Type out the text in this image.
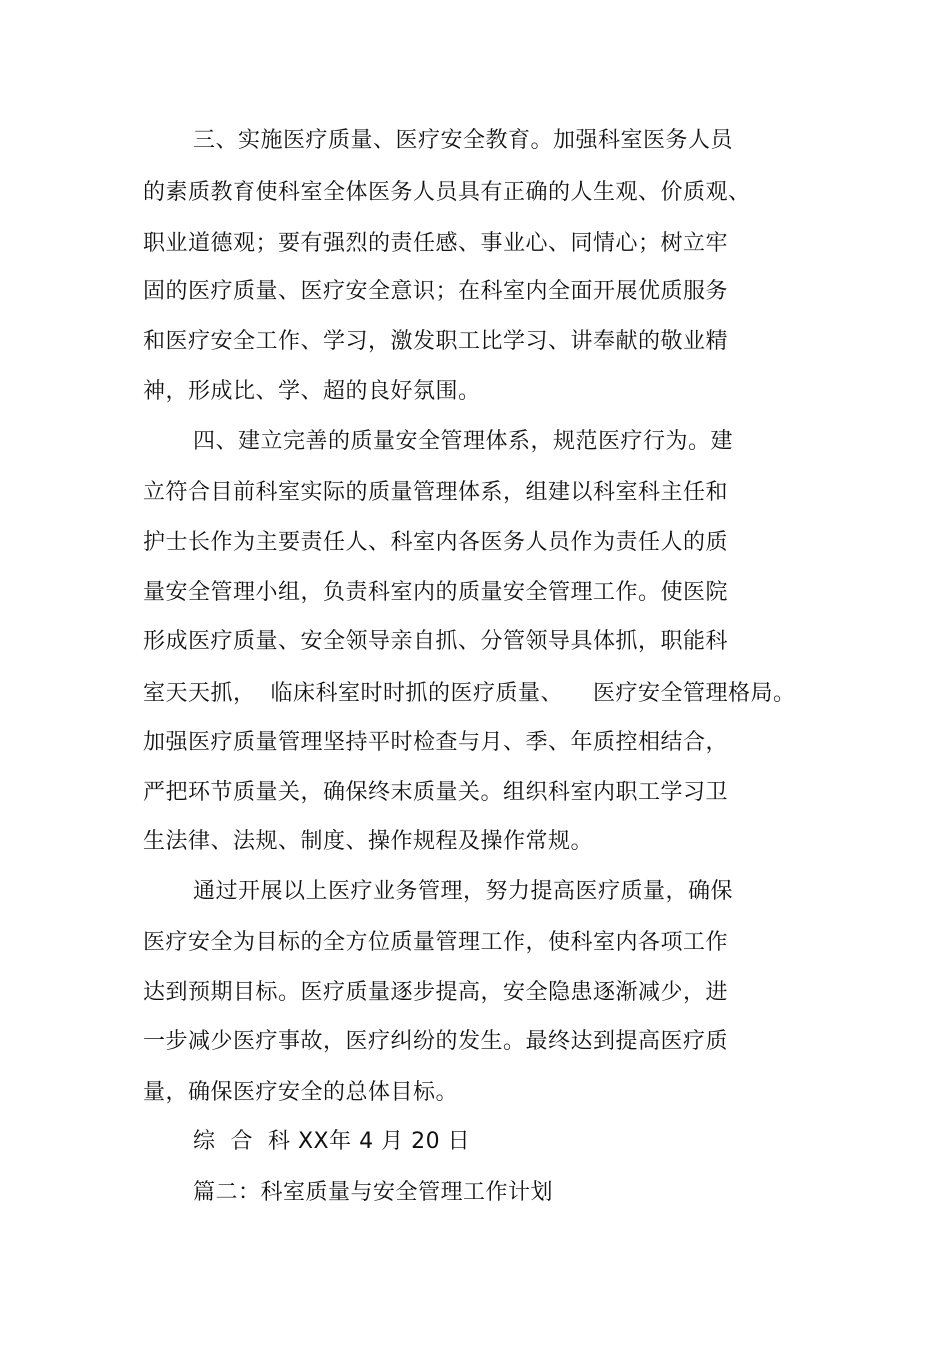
三、实施医疗质量、医疗安全教育。加强科室医务人员
的素质教育使科室全体医务人员具有正确的人生观、价质观、
职业道德观；要有强烈的责任感、事业心、同情心；树立牢
固的医疗质量、医疗安全意识；在科室内全面开展优质服务
和医疗安全工作、学习，激发职工比学习、讲奉献的敬业精
神，形成比、学、超的良好氛围。
四、建立完善的质量安全管理体系，规范医疗行为。建
立符合目前科室实际的质量管理体系，组建以科室科主任和
护士长作为主要责任人、科室内各医务人员作为责任人的质
量安全管理小组，负责科室内的质量安全管理工作。使医院
形成医疗质量、安全领导亲自抓、分管领导具体抓，职能科
室天天抓，  临床科室时时抓的医疗质量、    医疗安全管理格局。
加强医疗质量管理坚持平时检查与月、季、年质控相结合，
严把环节质量关，确保终末质量关。组织科室内职工学习卫
生法律、法规、制度、操作规程及操作常规。
通过开展以上医疗业务管理，努力提高医疗质量，确保
医疗安全为目标的全方位质量管理工作，使科室内各项工作
达到预期目标。医疗质量逐步提高，安全隐患逐渐减少，进
一步减少医疗事故，医疗纠纷的发生。最终达到提高医疗质
量，确保医疗安全的总体目标。
综  合  科 XX年 4 月 20 日
篇二：科室质量与安全管理工作计划
